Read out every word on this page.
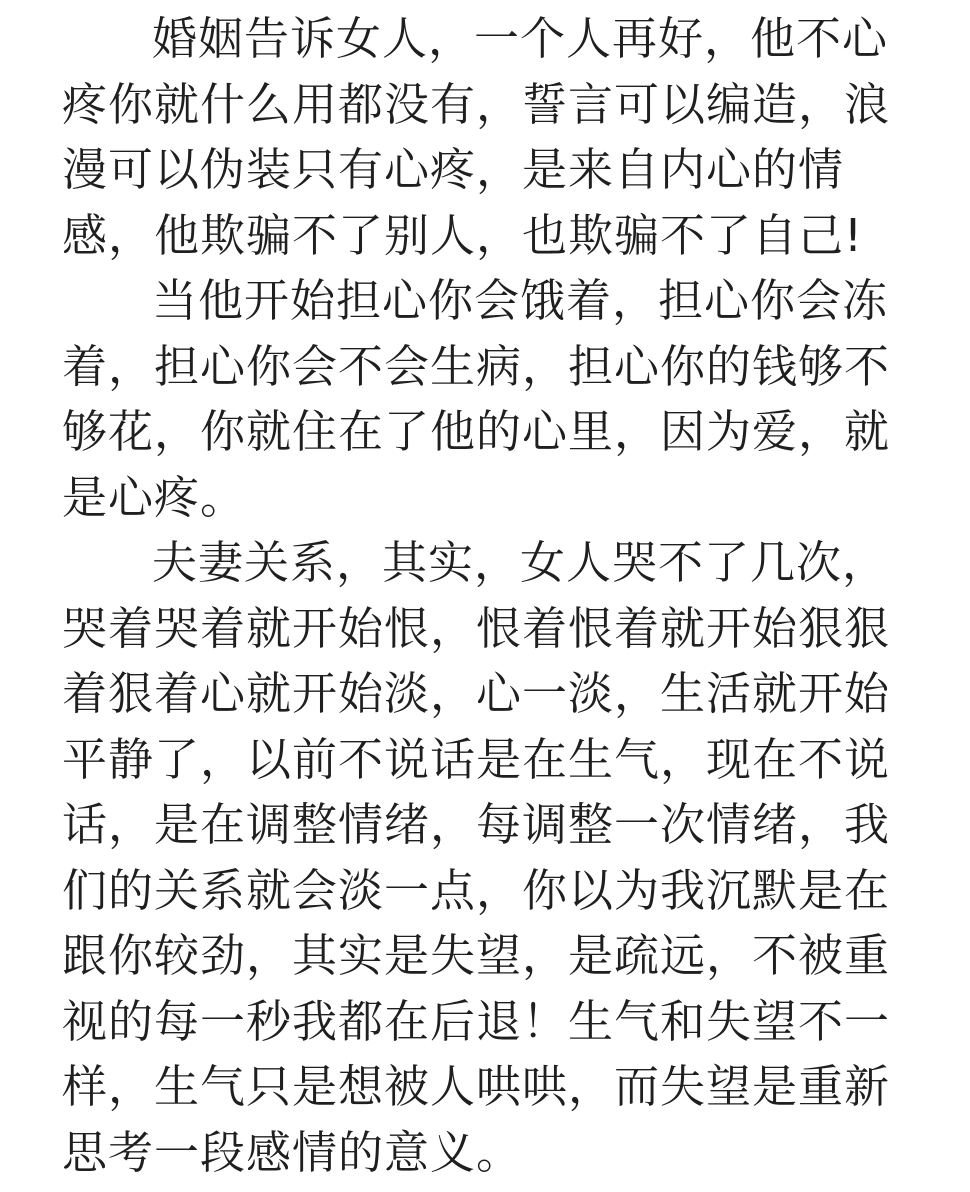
婚姻告诉女人，一个人再好，他不心
疼你就什么用都没有，誓言可以编造，浪
漫可以伪装只有心疼，是来自内心的情
感，他欺骗不了别人，也欺骗不了自己!
当他开始担心你会饿着，担心你会冻
着，担心你会不会生病，担心你的钱够不
够花，你就住在了他的心里，因为爱，就
是心疼。
夫妻关系，其实，女人哭不了几次，
哭着哭着就开始恨，恨着恨着就开始狠狠
着狠着心就开始淡，心一淡，生活就开始
平静了，以前不说话是在生气，现在不说
话，是在调整情绪，每调整一次情绪，我
们的关系就会淡一点，你以为我沉默是在
跟你较劲，其实是失望，是疏远，不被重
视的每一秒我都在后退！生气和失望不一
样，生气只是想被人哄哄，而失望是重新
思考一段感情的意义。
